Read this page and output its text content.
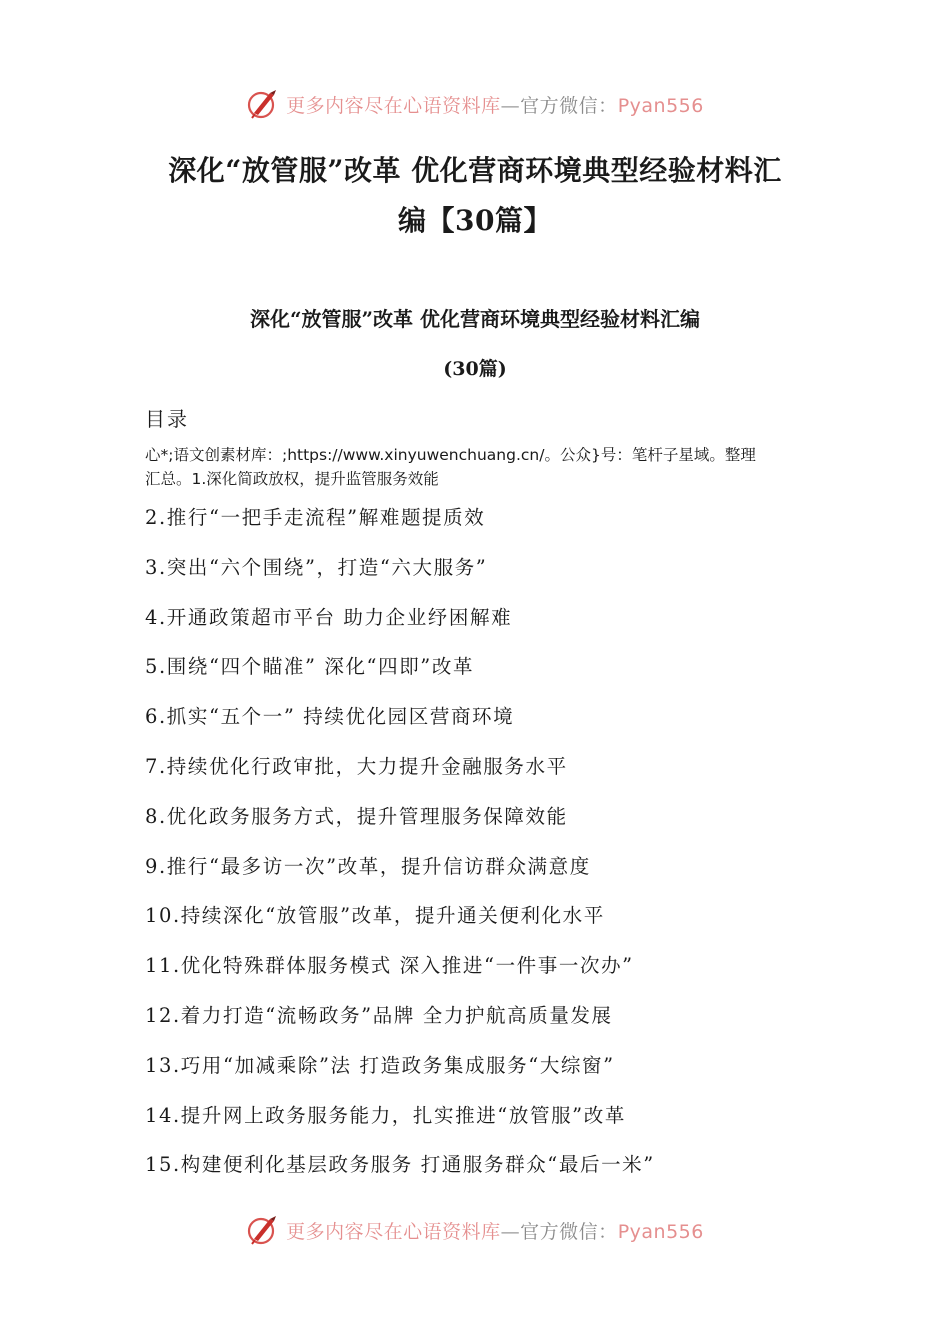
更多内容尽在心语资料库—官方微信：Pyan556
深化“放管服”改革 优化营商环境典型经验材料汇
编【30篇】
深化“放管服”改革 优化营商环境典型经验材料汇编
(30篇)
目录
心*;语文创素材库：;https://www.xinyuwenchuang.cn/。公众}号：笔杆子星域。整理
汇总。1.深化简政放权，提升监管服务效能
2.推行“一把手走流程”解难题提质效
3.突出“六个围绕”，打造“六大服务”
4.开通政策超市平台 助力企业纾困解难
5.围绕“四个瞄准” 深化“四即”改革
6.抓实“五个一” 持续优化园区营商环境
7.持续优化行政审批，大力提升金融服务水平
8.优化政务服务方式，提升管理服务保障效能
9.推行“最多访一次”改革，提升信访群众满意度
10.持续深化“放管服”改革，提升通关便利化水平
11.优化特殊群体服务模式 深入推进“一件事一次办”
12.着力打造“流畅政务”品牌 全力护航高质量发展
13.巧用“加减乘除”法 打造政务集成服务“大综窗”
14.提升网上政务服务能力，扎实推进“放管服”改革
15.构建便利化基层政务服务 打通服务群众“最后一米”
更多内容尽在心语资料库—官方微信：Pyan556
